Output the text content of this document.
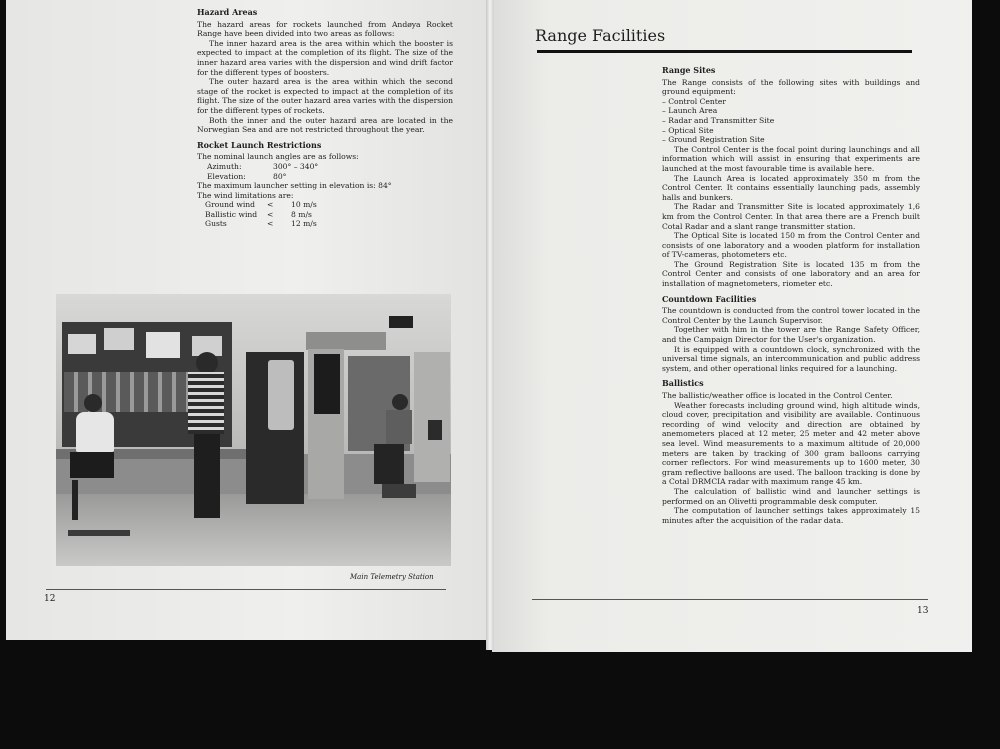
Hazard Areas

The hazard areas for rockets launched from Andøya Rocket Range have been divided into two areas as follows:

The inner hazard area is the area within which the booster is expected to impact at the completion of its flight. The size of the inner hazard area varies with the dispersion and wind drift factor for the different types of boosters.

The outer hazard area is the area within which the second stage of the rocket is expected to impact at the completion of its flight. The size of the outer hazard area varies with the dispersion for the different types of rockets.

Both the inner and the outer hazard area are located in the Norwegian Sea and are not restricted throughout the year.

Rocket Launch Restrictions

The nominal launch angles are as follows:

Azimuth:	300° – 340°
Elevation:	80°

The maximum launcher setting in elevation is: 84°

The wind limitations are:

Ground wind	<	10 m/s
Ballistic wind	<	8 m/s
Gusts	<	12 m/s
Main Telemetry Station
12
Range Facilities
Range Sites

The Range consists of the following sites with buildings and ground equipment:

– Control Center
– Launch Area
– Radar and Transmitter Site
– Optical Site
– Ground Registration Site

The Control Center is the focal point during launchings and all information which will assist in ensuring that experiments are launched at the most favourable time is available here.

The Launch Area is located approximately 350 m from the Control Center. It contains essentially launching pads, assembly halls and bunkers.

The Radar and Transmitter Site is located approximately 1,6 km from the Control Center. In that area there are a French built Cotal Radar and a slant range transmitter station.

The Optical Site is located 150 m from the Control Center and consists of one laboratory and a wooden platform for installation of TV-cameras, photometers etc.

The Ground Registration Site is located 135 m from the Control Center and consists of one laboratory and an area for installation of magnetometers, riometer etc.

Countdown Facilities

The countdown is conducted from the control tower located in the Control Center by the Launch Supervisor.

Together with him in the tower are the Range Safety Officer, and the Campaign Director for the User's organization.

It is equipped with a countdown clock, synchronized with the universal time signals, an intercommunication and public address system, and other operational links required for a launching.

Ballistics

The ballistic/weather office is located in the Control Center.

Weather forecasts including ground wind, high altitude winds, cloud cover, precipitation and visibility are available. Continuous recording of wind velocity and direction are obtained by anemometers placed at 12 meter, 25 meter and 42 meter above sea level. Wind measurements to a maximum altitude of 20,000 meters are taken by tracking of 300 gram balloons carrying corner reflectors. For wind measurements up to 1600 meter, 30 gram reflective balloons are used. The balloon tracking is done by a Cotal DRMCIA radar with maximum range 45 km.

The calculation of ballistic wind and launcher settings is performed on an Olivetti programmable desk computer.

The computation of launcher settings takes approximately 15 minutes after the acquisition of the radar data.

13
